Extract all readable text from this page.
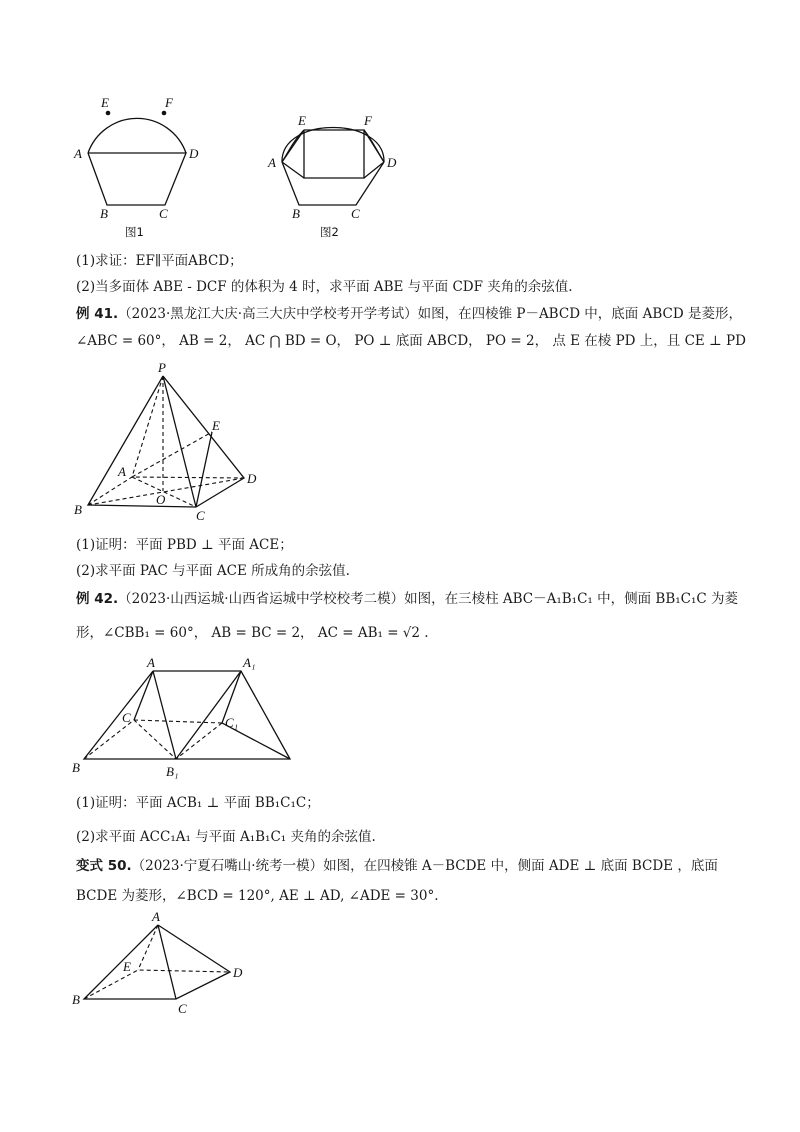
E	F
A	D
B	C
图1
E	F
A	D
B	C
图2
P
E
A	D
O
B	C
A	A₁
C	C₁
B	B₁
A
E	D
B
C
(1)求证：EF∥平面ABCD；
(2)当多面体 ABE - DCF 的体积为 4 时，求平面 ABE 与平面 CDF 夹角的余弦值.
例 41.（2023·黑龙江大庆·高三大庆中学校考开学考试）如图，在四棱锥 P－ABCD 中，底面 ABCD 是菱形，
∠ABC = 60°， AB = 2， AC ⋂ BD = O， PO ⊥ 底面 ABCD， PO = 2， 点 E 在棱 PD 上，且 CE ⊥ PD
(1)证明：平面 PBD ⊥ 平面 ACE；
(2)求平面 PAC 与平面 ACE 所成角的余弦值.
例 42.（2023·山西运城·山西省运城中学校校考二模）如图，在三棱柱 ABC－A₁B₁C₁ 中，侧面 BB₁C₁C 为菱
形，∠CBB₁ = 60°， AB = BC = 2， AC = AB₁ = √2 .
(1)证明：平面 ACB₁ ⊥ 平面 BB₁C₁C；
(2)求平面 ACC₁A₁ 与平面 A₁B₁C₁ 夹角的余弦值.
变式 50.（2023·宁夏石嘴山·统考一模）如图，在四棱锥 A－BCDE 中，侧面 ADE ⊥ 底面 BCDE ，底面
BCDE 为菱形，∠BCD = 120°, AE ⊥ AD, ∠ADE = 30°.
